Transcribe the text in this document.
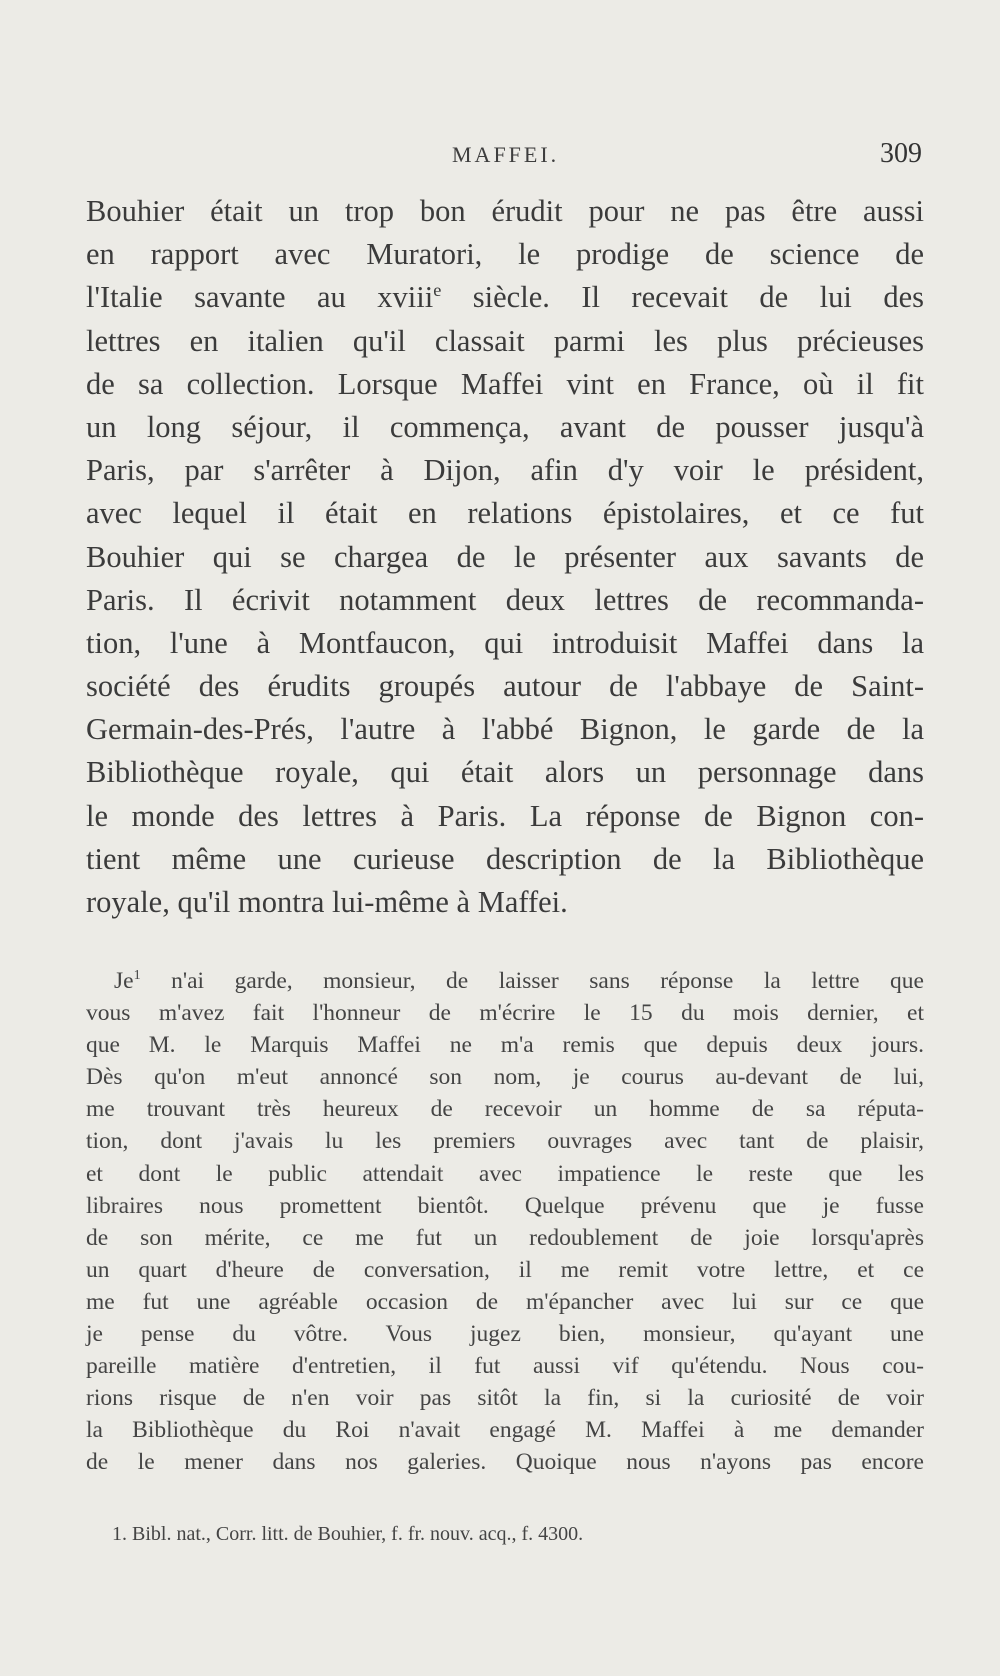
MAFFEI.	309
Bouhier était un trop bon érudit pour ne pas être aussi
en rapport avec Muratori, le prodige de science de
l'Italie savante au xviii$^e$ siècle. Il recevait de lui des
lettres en italien qu'il classait parmi les plus précieuses
de sa collection. Lorsque Maffei vint en France, où il fit
un long séjour, il commença, avant de pousser jusqu'à
Paris, par s'arrêter à Dijon, afin d'y voir le président,
avec lequel il était en relations épistolaires, et ce fut
Bouhier qui se chargea de le présenter aux savants de
Paris. Il écrivit notamment deux lettres de recommanda-
tion, l'une à Montfaucon, qui introduisit Maffei dans la
société des érudits groupés autour de l'abbaye de Saint-
Germain-des-Prés, l'autre à l'abbé Bignon, le garde de la
Bibliothèque royale, qui était alors un personnage dans
le monde des lettres à Paris. La réponse de Bignon con-
tient même une curieuse description de la Bibliothèque
royale, qu'il montra lui-même à Maffei.
Je$^1$ n'ai garde, monsieur, de laisser sans réponse la lettre que
vous m'avez fait l'honneur de m'écrire le 15 du mois dernier, et
que M. le Marquis Maffei ne m'a remis que depuis deux jours.
Dès qu'on m'eut annoncé son nom, je courus au-devant de lui,
me trouvant très heureux de recevoir un homme de sa réputa-
tion, dont j'avais lu les premiers ouvrages avec tant de plaisir,
et dont le public attendait avec impatience le reste que les
libraires nous promettent bientôt. Quelque prévenu que je fusse
de son mérite, ce me fut un redoublement de joie lorsqu'après
un quart d'heure de conversation, il me remit votre lettre, et ce
me fut une agréable occasion de m'épancher avec lui sur ce que
je pense du vôtre. Vous jugez bien, monsieur, qu'ayant une
pareille matière d'entretien, il fut aussi vif qu'étendu. Nous cou-
rions risque de n'en voir pas sitôt la fin, si la curiosité de voir
la Bibliothèque du Roi n'avait engagé M. Maffei à me demander
de le mener dans nos galeries. Quoique nous n'ayons pas encore
1. Bibl. nat., Corr. litt. de Bouhier, f. fr. nouv. acq., f. 4300.
